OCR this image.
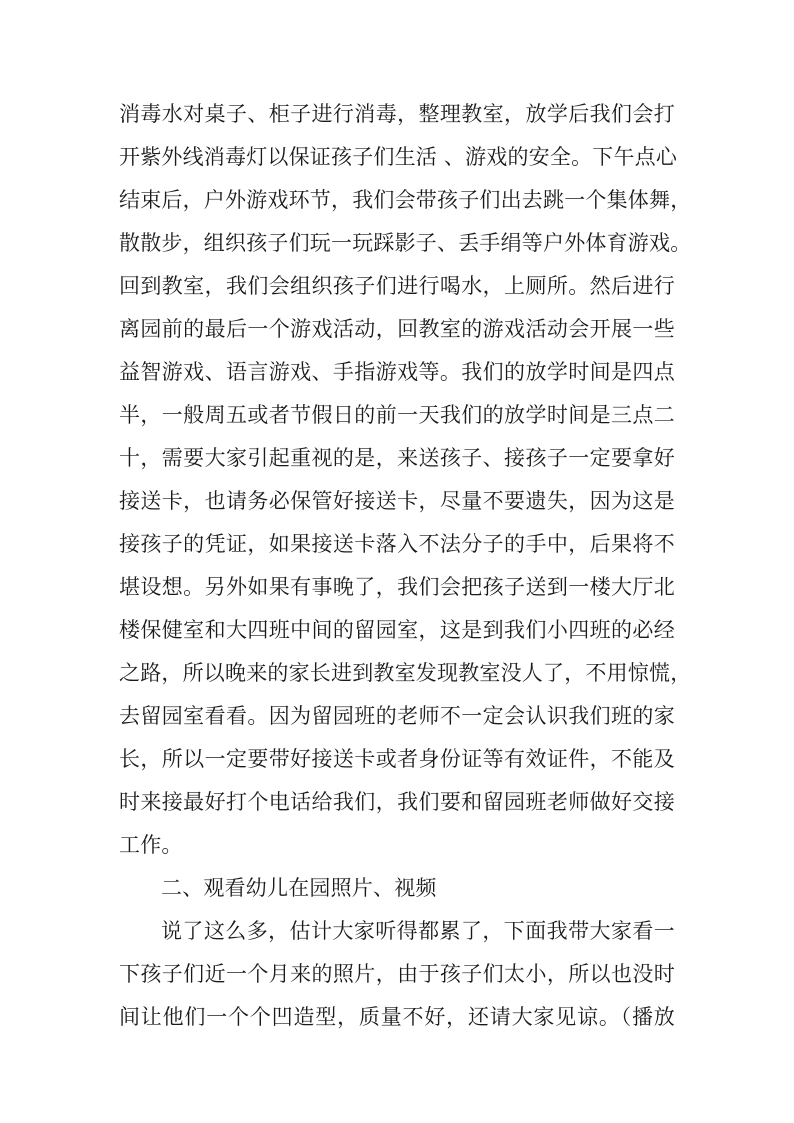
消毒水对桌子、柜子进行消毒，整理教室，放学后我们会打
开紫外线消毒灯以保证孩子们生活 、游戏的安全。下午点心
结束后，户外游戏环节，我们会带孩子们出去跳一个集体舞，
散散步，组织孩子们玩一玩踩影子、丢手绢等户外体育游戏。
回到教室，我们会组织孩子们进行喝水，上厕所。然后进行
离园前的最后一个游戏活动，回教室的游戏活动会开展一些
益智游戏、语言游戏、手指游戏等。我们的放学时间是四点
半，一般周五或者节假日的前一天我们的放学时间是三点二
十，需要大家引起重视的是，来送孩子、接孩子一定要拿好
接送卡，也请务必保管好接送卡，尽量不要遗失，因为这是
接孩子的凭证，如果接送卡落入不法分子的手中，后果将不
堪设想。另外如果有事晚了，我们会把孩子送到一楼大厅北
楼保健室和大四班中间的留园室，这是到我们小四班的必经
之路，所以晚来的家长进到教室发现教室没人了，不用惊慌，
去留园室看看。因为留园班的老师不一定会认识我们班的家
长，所以一定要带好接送卡或者身份证等有效证件，不能及
时来接最好打个电话给我们，我们要和留园班老师做好交接
工作。
二、观看幼儿在园照片、视频
说了这么多，估计大家听得都累了，下面我带大家看一
下孩子们近一个月来的照片，由于孩子们太小，所以也没时
间让他们一个个凹造型，质量不好，还请大家见谅。（播放
